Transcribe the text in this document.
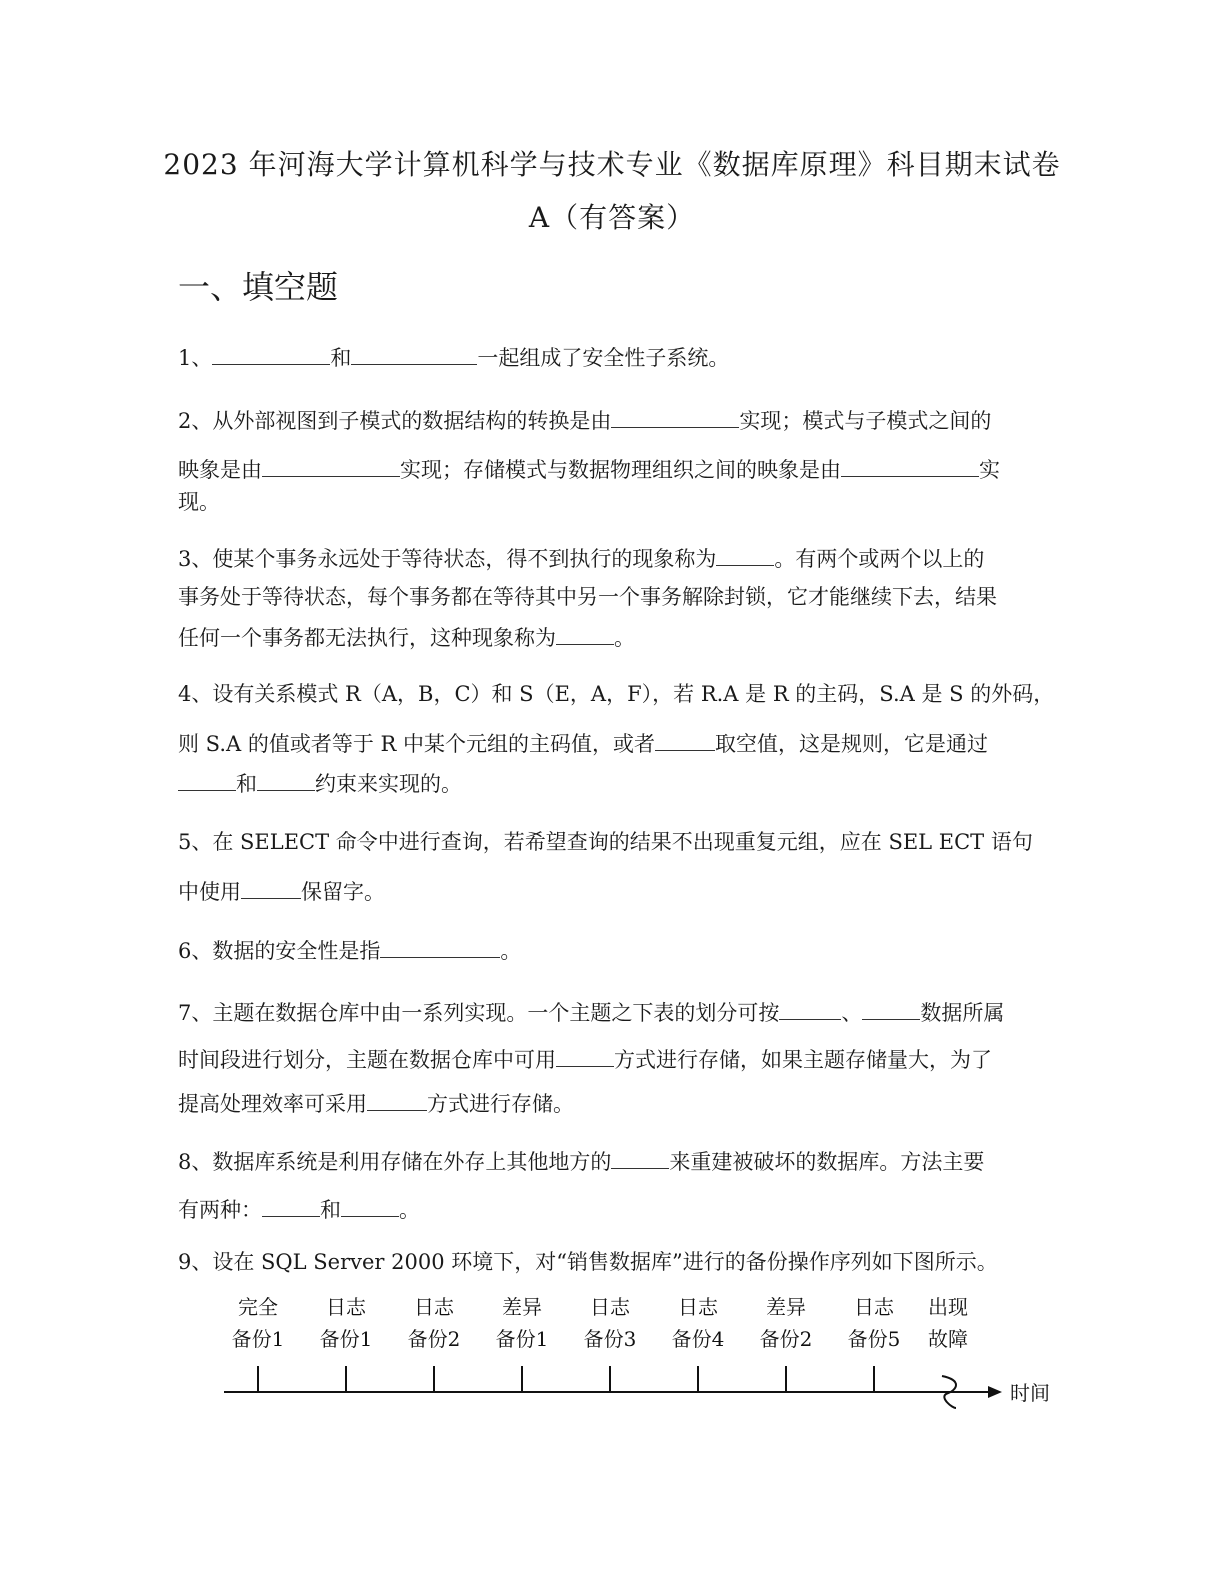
2023 年河海大学计算机科学与技术专业《数据库原理》科目期末试卷
A（有答案）
一、填空题
1、	和	一起组成了安全性子系统。
2、从外部视图到子模式的数据结构的转换是由	实现；模式与子模式之间的
映象是由	实现；存储模式与数据物理组织之间的映象是由	实
现。
3、使某个事务永远处于等待状态，得不到执行的现象称为	。有两个或两个以上的
事务处于等待状态，每个事务都在等待其中另一个事务解除封锁，它才能继续下去，结果
任何一个事务都无法执行，这种现象称为	。
4、设有关系模式 R（A，B，C）和 S（E，A，F），若 R.A 是 R 的主码，S.A 是 S 的外码，
则 S.A 的值或者等于 R 中某个元组的主码值，或者	取空值，这是规则，它是通过
和	约束来实现的。
5、在 SELECT 命令中进行查询，若希望查询的结果不出现重复元组，应在 SEL ECT 语句
中使用	保留字。
6、数据的安全性是指	。
7、主题在数据仓库中由一系列实现。一个主题之下表的划分可按	、	数据所属
时间段进行划分，主题在数据仓库中可用	方式进行存储，如果主题存储量大，为了
提高处理效率可采用	方式进行存储。
8、数据库系统是利用存储在外存上其他地方的	来重建被破坏的数据库。方法主要
有两种：	和	。
9、设在 SQL Server 2000 环境下，对“销售数据库”进行的备份操作序列如下图所示。
完全
备份1
日志
备份1
日志
备份2
差异
备份1
日志
备份3
日志
备份4
差异
备份2
日志
备份5
出现
故障
时间
